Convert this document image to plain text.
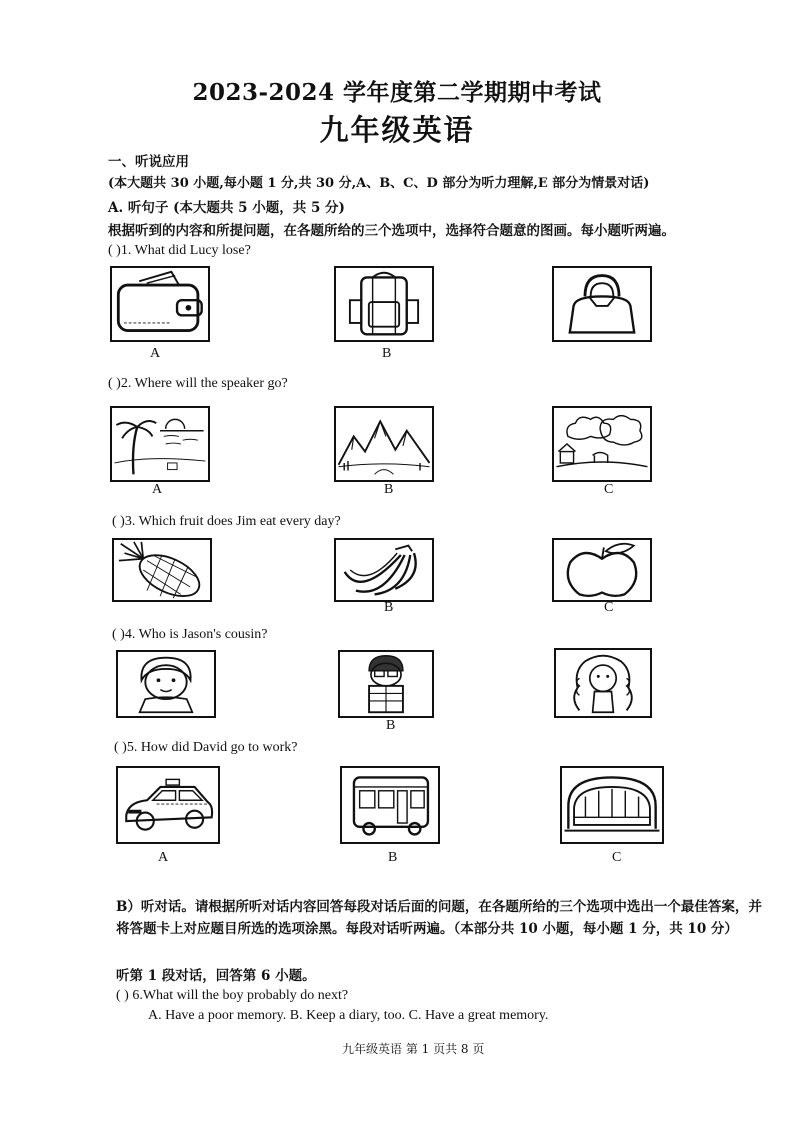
2023-2024 学年度第二学期期中考试
九年级英语
一、听说应用
(本大题共 30 小题,每小题 1 分,共 30 分,A、B、C、D 部分为听力理解,E 部分为情景对话)
A. 听句子 (本大题共 5 小题，共 5 分)
根据听到的内容和所提问题，在各题所给的三个选项中，选择符合题意的图画。每小题听两遍。
( )1. What did Lucy lose?
A	B
( )2. Where will the speaker go?
A	B	C
( )3. Which fruit does Jim eat every day?
B	C
( )4. Who is Jason's cousin?
B
( )5. How did David go to work?
A	B	C
B）听对话。请根据所听对话内容回答每段对话后面的问题，在各题所给的三个选项中选出一个最佳答案，并将答题卡上对应题目所选的选项涂黑。每段对话听两遍。（本部分共 10 小题，每小题 1 分，共 10 分）
听第 1 段对话，回答第 6 小题。
( ) 6.What will the boy probably do next?
A. Have a poor memory. B. Keep a diary, too. C. Have a great memory.
九年级英语 第 1 页共 8 页
